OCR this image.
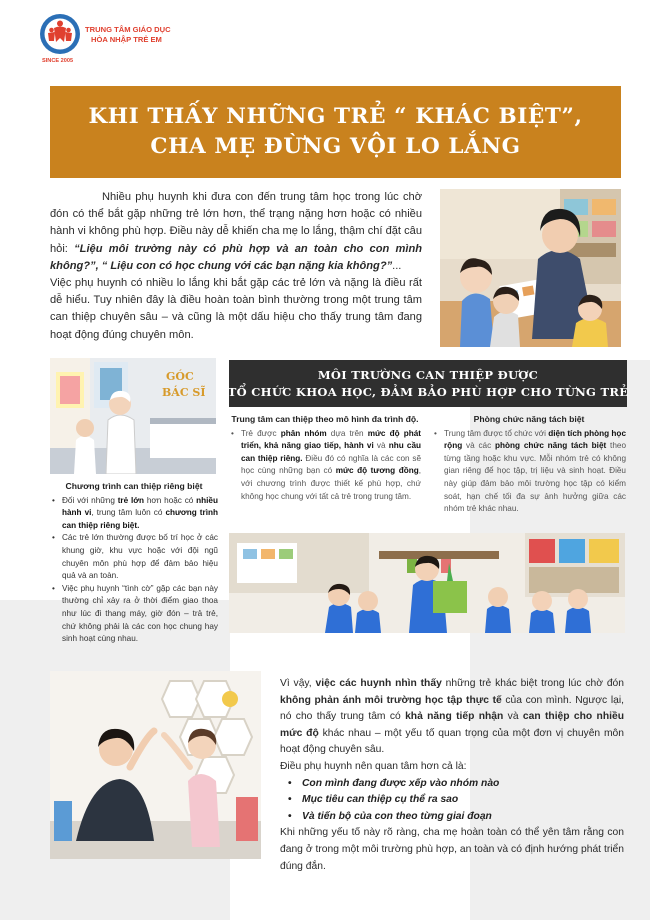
TRUNG TÂM GIÁO DỤC
HÒA NHẬP TRẺ EM
SINCE 2005
KHI THẤY NHỮNG TRẺ “ KHÁC BIỆT”,
CHA MẸ ĐỪNG VỘI LO LẮNG

Nhiều phụ huynh khi đưa con đến trung tâm học trong lúc chờ đón có thể bắt gặp những trẻ lớn hơn, thể trạng nặng hơn hoặc có nhiều hành vi không phù hợp. Điều này dễ khiến cha mẹ lo lắng, thậm chí đặt câu hỏi: “Liệu môi trường này có phù hợp và an toàn cho con mình không?”, “ Liệu con có học chung với các bạn nặng kia không?”...

Việc phụ huynh có nhiều lo lắng khi bắt gặp các trẻ lớn và nặng là điều rất dễ hiểu. Tuy nhiên đây là điều hoàn toàn bình thường trong một trung tâm can thiệp chuyên sâu – và cũng là một dấu hiệu cho thấy trung tâm đang hoạt động đúng chuyên môn.

GÓC
BÁC SĨ
MÔI TRƯỜNG CAN THIỆP ĐƯỢC
TỔ CHỨC KHOA HỌC, ĐẢM BẢO PHÙ HỢP CHO TỪNG TRẺ
Chương trình can thiệp riêng biệt
• Đối với những trẻ lớn hơn hoặc có nhiều hành vi, trung tâm luôn có chương trình can thiệp riêng biệt.
• Các trẻ lớn thường được bố trí học ở các khung giờ, khu vực hoặc với đội ngũ chuyên môn phù hợp để đảm bảo hiệu quả và an toàn.
• Việc phụ huynh “tình cờ” gặp các bạn này thường chỉ xảy ra ở thời điểm giao thoa như lúc đi thang máy, giờ đón – trả trẻ, chứ không phải là các con học chung hay sinh hoạt cùng nhau.
Trung tâm can thiệp theo mô hình đa trình độ.
• Trẻ được phân nhóm dựa trên mức độ phát triển, khả năng giao tiếp, hành vi và nhu cầu can thiệp riêng. Điều đó có nghĩa là các con sẽ học cùng những bạn có mức độ tương đồng, với chương trình được thiết kế phù hợp, chứ không học chung với tất cả trẻ trong trung tâm.
Phòng chức năng tách biệt
• Trung tâm được tổ chức với diện tích phòng học rộng và các phòng chức năng tách biệt theo từng tầng hoặc khu vực. Mỗi nhóm trẻ có không gian riêng để học tập, trị liệu và sinh hoạt. Điều này giúp đảm bảo môi trường học tập có kiểm soát, hạn chế tối đa sự ảnh hưởng giữa các nhóm trẻ khác nhau.

Vì vậy, việc các huynh nhìn thấy những trẻ khác biệt trong lúc chờ đón không phản ánh môi trường học tập thực tế của con mình. Ngược lại, nó cho thấy trung tâm có khả năng tiếp nhận và can thiệp cho nhiều mức độ khác nhau – một yếu tố quan trọng của một đơn vị chuyên môn hoạt động chuyên sâu.

Điều phụ huynh nên quan tâm hơn cả là:

• Con mình đang được xếp vào nhóm nào
• Mục tiêu can thiệp cụ thể ra sao
• Và tiến bộ của con theo từng giai đoạn

Khi những yếu tố này rõ ràng, cha mẹ hoàn toàn có thể yên tâm rằng con đang ở trong một môi trường phù hợp, an toàn và có định hướng phát triển đúng đắn.
